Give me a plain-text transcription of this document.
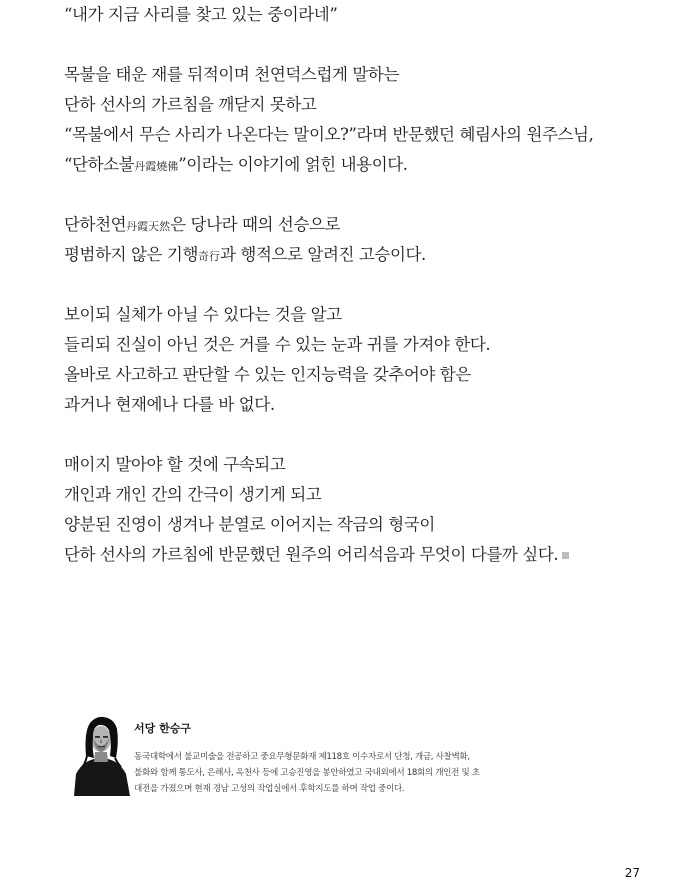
“내가 지금 사리를 찾고 있는 중이라네”
목불을 태운 재를 뒤적이며 천연덕스럽게 말하는
단하 선사의 가르침을 깨닫지 못하고
“목불에서 무슨 사리가 나온다는 말이오?”라며 반문했던 혜림사의 원주스님,
“단하소불丹霞燒佛”이라는 이야기에 얽힌 내용이다.
단하천연丹霞天然은 당나라 때의 선승으로
평범하지 않은 기행奇行과 행적으로 알려진 고승이다.
보이되 실체가 아닐 수 있다는 것을 알고
들리되 진실이 아닌 것은 거를 수 있는 눈과 귀를 가져야 한다.
올바로 사고하고 판단할 수 있는 인지능력을 갖추어야 함은
과거나 현재에나 다를 바 없다.
매이지 말아야 할 것에 구속되고
개인과 개인 간의 간극이 생기게 되고
양분된 진영이 생겨나 분열로 이어지는 작금의 형국이
단하 선사의 가르침에 반문했던 원주의 어리석음과 무엇이 다를까 싶다.
서당 한승구
동국대학에서 불교미술을 전공하고 중요무형문화재 제118호 이수자로서 단청, 개금, 사찰벽화,
불화와 함께 통도사, 은해사, 옥천사 등에 고승진영을 봉안하였고 국내외에서 18회의 개인전 및 초
대전을 가졌으며 현재 경남 고성의 작업실에서 후학지도를 하며 작업 중이다.
27
